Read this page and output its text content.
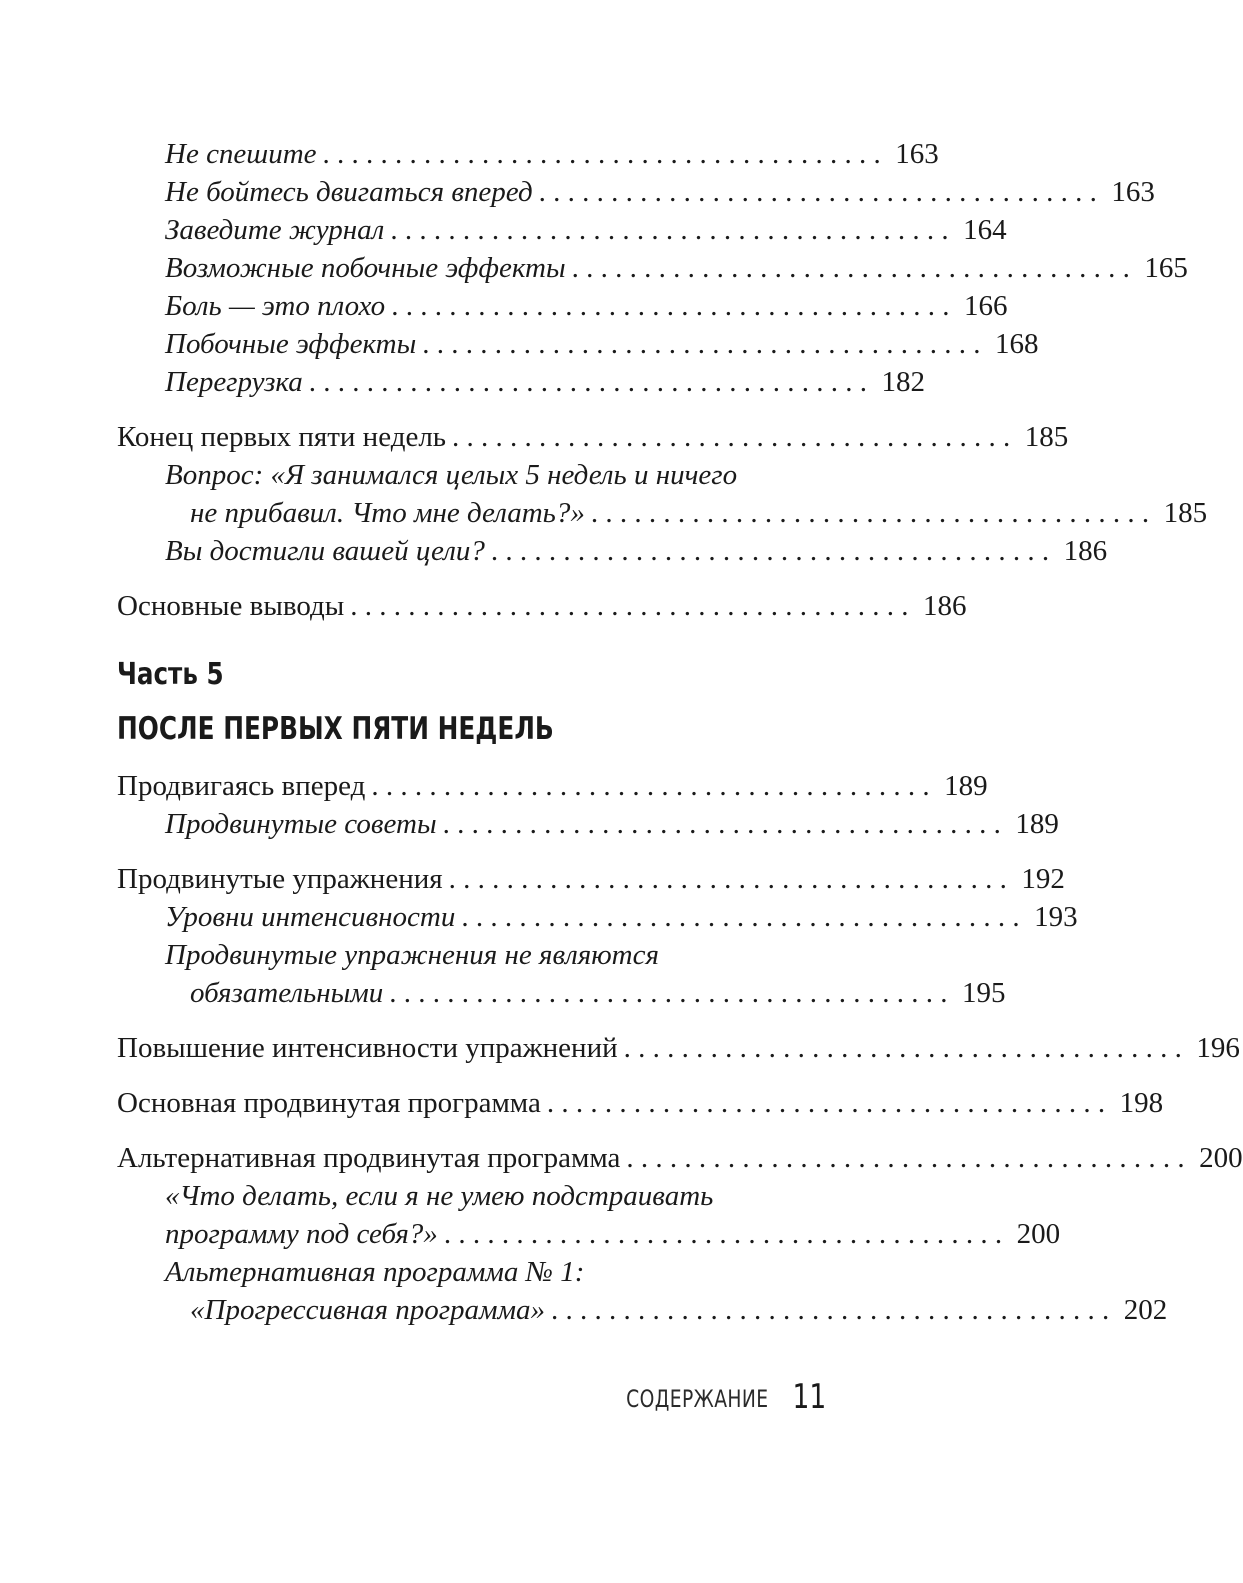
Не спешите . . . . . . . . . . . . . . . . . . . . . . . . . . . . . . . . . . . . . . . 163
Не бойтесь двигаться вперед . . . . . . . . . . . . . . . . . . . . . . . . . . . . . . . . . . . . . . . 163
Заведите журнал . . . . . . . . . . . . . . . . . . . . . . . . . . . . . . . . . . . . . . . 164
Возможные побочные эффекты . . . . . . . . . . . . . . . . . . . . . . . . . . . . . . . . . . . . . . . 165
Боль — это плохо . . . . . . . . . . . . . . . . . . . . . . . . . . . . . . . . . . . . . . . 166
Побочные эффекты . . . . . . . . . . . . . . . . . . . . . . . . . . . . . . . . . . . . . . . 168
Перегрузка . . . . . . . . . . . . . . . . . . . . . . . . . . . . . . . . . . . . . . . 182
Конец первых пяти недель . . . . . . . . . . . . . . . . . . . . . . . . . . . . . . . . . . . . . . . 185
Вопрос: «Я занимался целых 5 недель и ничего
не прибавил. Что мне делать?» . . . . . . . . . . . . . . . . . . . . . . . . . . . . . . . . . . . . . . . 185
Вы достигли вашей цели? . . . . . . . . . . . . . . . . . . . . . . . . . . . . . . . . . . . . . . . 186
Основные выводы . . . . . . . . . . . . . . . . . . . . . . . . . . . . . . . . . . . . . . . 186
Часть 5
ПОСЛЕ ПЕРВЫХ ПЯТИ НЕДЕЛЬ
Продвигаясь вперед . . . . . . . . . . . . . . . . . . . . . . . . . . . . . . . . . . . . . . . 189
Продвинутые советы . . . . . . . . . . . . . . . . . . . . . . . . . . . . . . . . . . . . . . . 189
Продвинутые упражнения . . . . . . . . . . . . . . . . . . . . . . . . . . . . . . . . . . . . . . . 192
Уровни интенсивности . . . . . . . . . . . . . . . . . . . . . . . . . . . . . . . . . . . . . . . 193
Продвинутые упражнения не являются
обязательными . . . . . . . . . . . . . . . . . . . . . . . . . . . . . . . . . . . . . . . 195
Повышение интенсивности упражнений . . . . . . . . . . . . . . . . . . . . . . . . . . . . . . . . . . . . . . . 196
Основная продвинутая программа . . . . . . . . . . . . . . . . . . . . . . . . . . . . . . . . . . . . . . . 198
Альтернативная продвинутая программа . . . . . . . . . . . . . . . . . . . . . . . . . . . . . . . . . . . . . . . 200
«Что делать, если я не умею подстраивать
программу под себя?» . . . . . . . . . . . . . . . . . . . . . . . . . . . . . . . . . . . . . . . 200
Альтернативная программа № 1:
«Прогрессивная программа» . . . . . . . . . . . . . . . . . . . . . . . . . . . . . . . . . . . . . . . 202
СОДЕРЖАНИЕ 11
